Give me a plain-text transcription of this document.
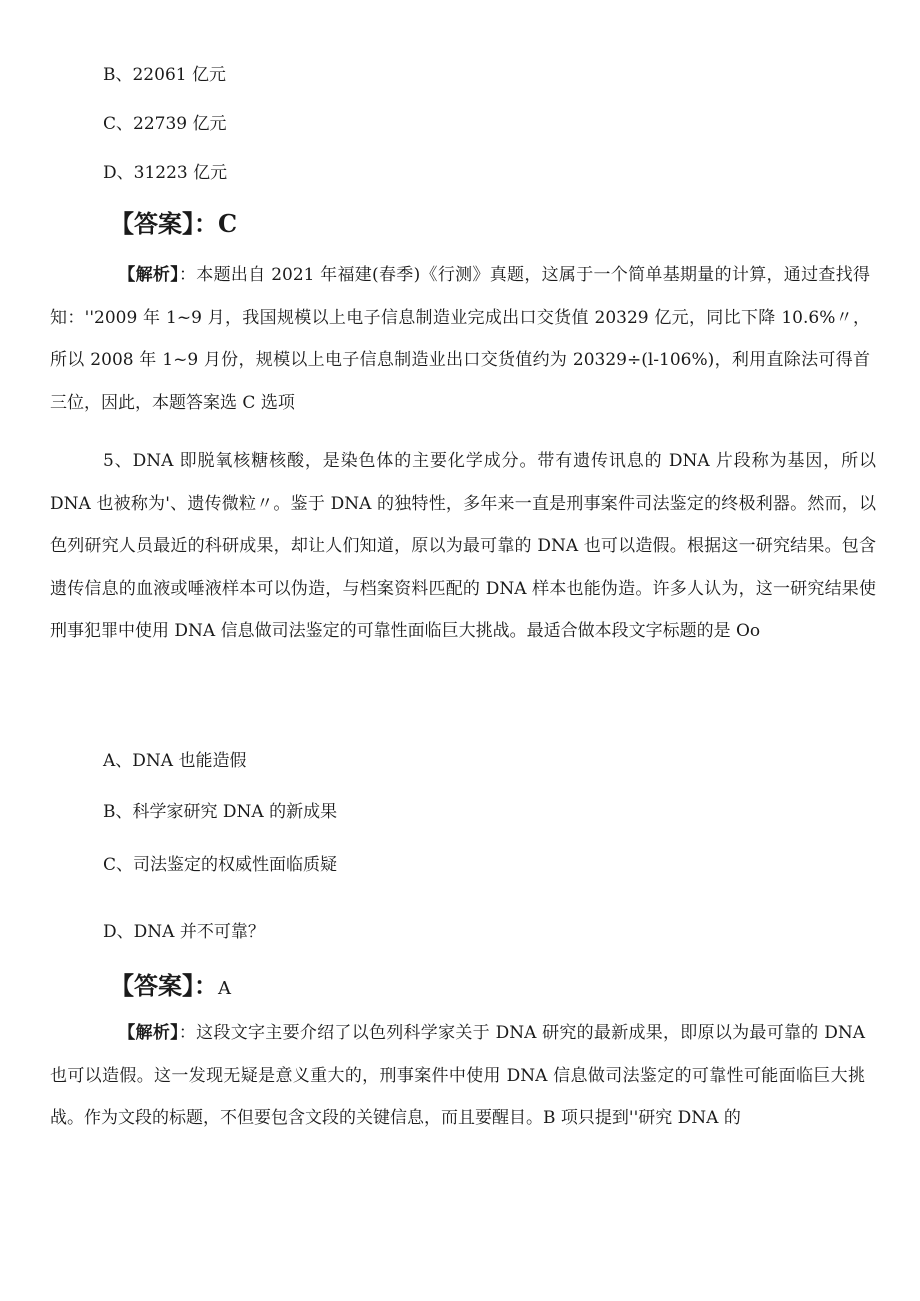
B、22061 亿元
C、22739 亿元
D、31223 亿元
【答案】：C
【解析】：本题出自 2021 年福建(春季)《行测》真题，这属于一个简单基期量的计算，通过查找得知：''2009 年 1~9 月，我国规模以上电子信息制造业完成出口交货值 20329 亿元，同比下降 10.6%〃，所以 2008 年 1~9 月份，规模以上电子信息制造业出口交货值约为 20329÷(l-106%)，利用直除法可得首三位，因此，本题答案选 C 选项
5、DNA 即脱氧核糖核酸，是染色体的主要化学成分。带有遗传讯息的 DNA 片段称为基因，所以 DNA 也被称为'、遗传微粒〃。鉴于 DNA 的独特性，多年来一直是刑事案件司法鉴定的终极利器。然而，以色列研究人员最近的科研成果，却让人们知道，原以为最可靠的 DNA 也可以造假。根据这一研究结果。包含遗传信息的血液或唾液样本可以伪造，与档案资料匹配的 DNA 样本也能伪造。许多人认为，这一研究结果使刑事犯罪中使用 DNA 信息做司法鉴定的可靠性面临巨大挑战。最适合做本段文字标题的是 Oo
A、DNA 也能造假
B、科学家研究 DNA 的新成果
C、司法鉴定的权威性面临质疑
D、DNA 并不可靠？
【答案】：A
【解析】：这段文字主要介绍了以色列科学家关于 DNA 研究的最新成果，即原以为最可靠的 DNA 也可以造假。这一发现无疑是意义重大的，刑事案件中使用 DNA 信息做司法鉴定的可靠性可能面临巨大挑战。作为文段的标题，不但要包含文段的关键信息，而且要醒目。B 项只提到''研究 DNA 的
